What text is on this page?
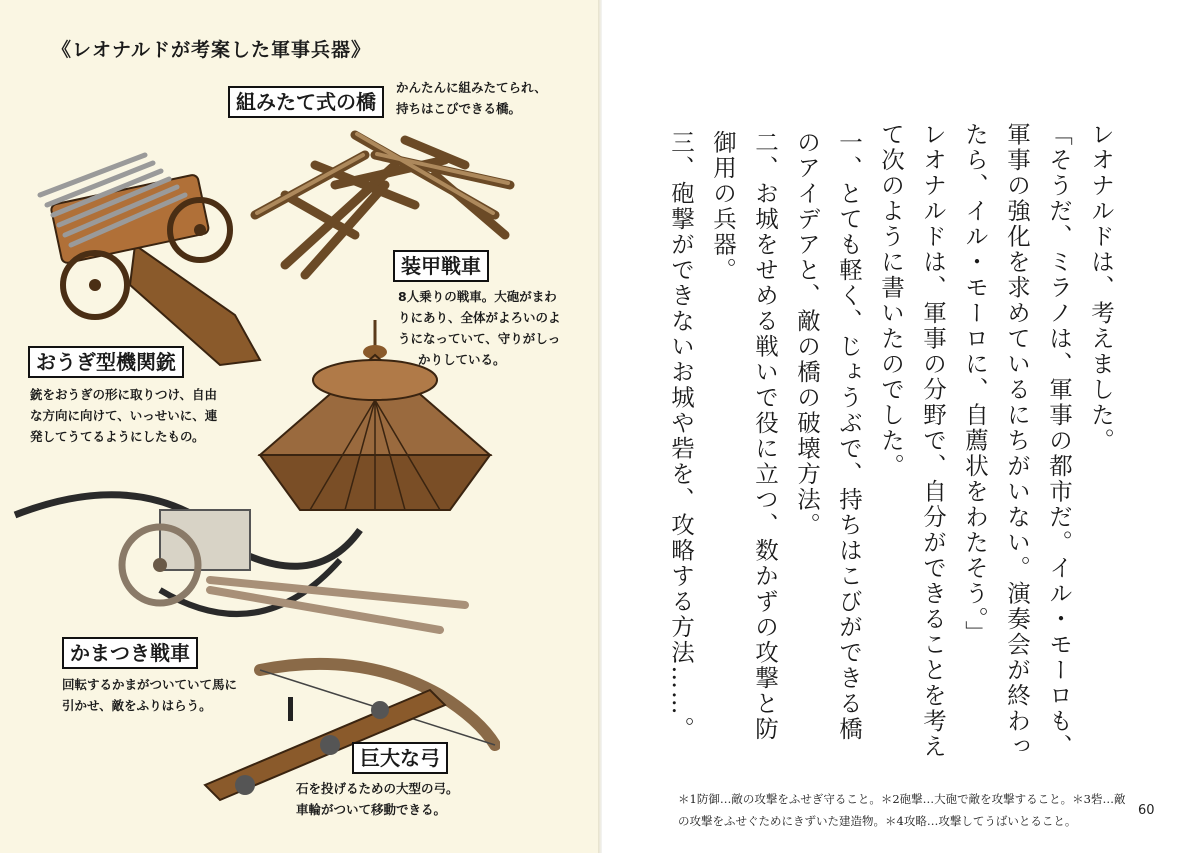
《レオナルドが考案した軍事兵器》
組みたて式の橋
かんたんに組みたてられ、
持ちはこびできる橋。
装甲戦車
8人乗りの戦車。大砲がまわ
りにあり、全体がよろいのよ
うになっていて、守りがしっ
かりしている。
おうぎ型機関銃
銃をおうぎの形に取りつけ、自由
な方向に向けて、いっせいに、連
発してうてるようにしたもの。
かまつき戦車
回転するかまがついていて馬に
引かせ、敵をふりはらう。
巨大な弓
石を投げるための大型の弓。
車輪がついて移動できる。

レオナルドは、考えました。

「そうだ、ミラノは、軍事の都市だ。イル・モーロも、軍事の強化を求めているにちがいない。演奏会が終わったら、イル・モーロに、自薦状をわたそう。」

レオナルドは、軍事の分野で、自分ができることを考えて次のように書いたのでした。

一、とても軽く、じょうぶで、持ちはこびができる橋のアイデアと、敵の橋の破壊方法。

二、お城をせめる戦いで役に立つ、数かずの攻撃と防御用の兵器。

三、砲撃ができないお城や砦を、攻略する方法……。

＊1防御…敵の攻撃をふせぎ守ること。＊2砲撃…大砲で敵を攻撃すること。＊3砦…敵
の攻撃をふせぐためにきずいた建造物。＊4攻略…攻撃してうばいとること。
60
